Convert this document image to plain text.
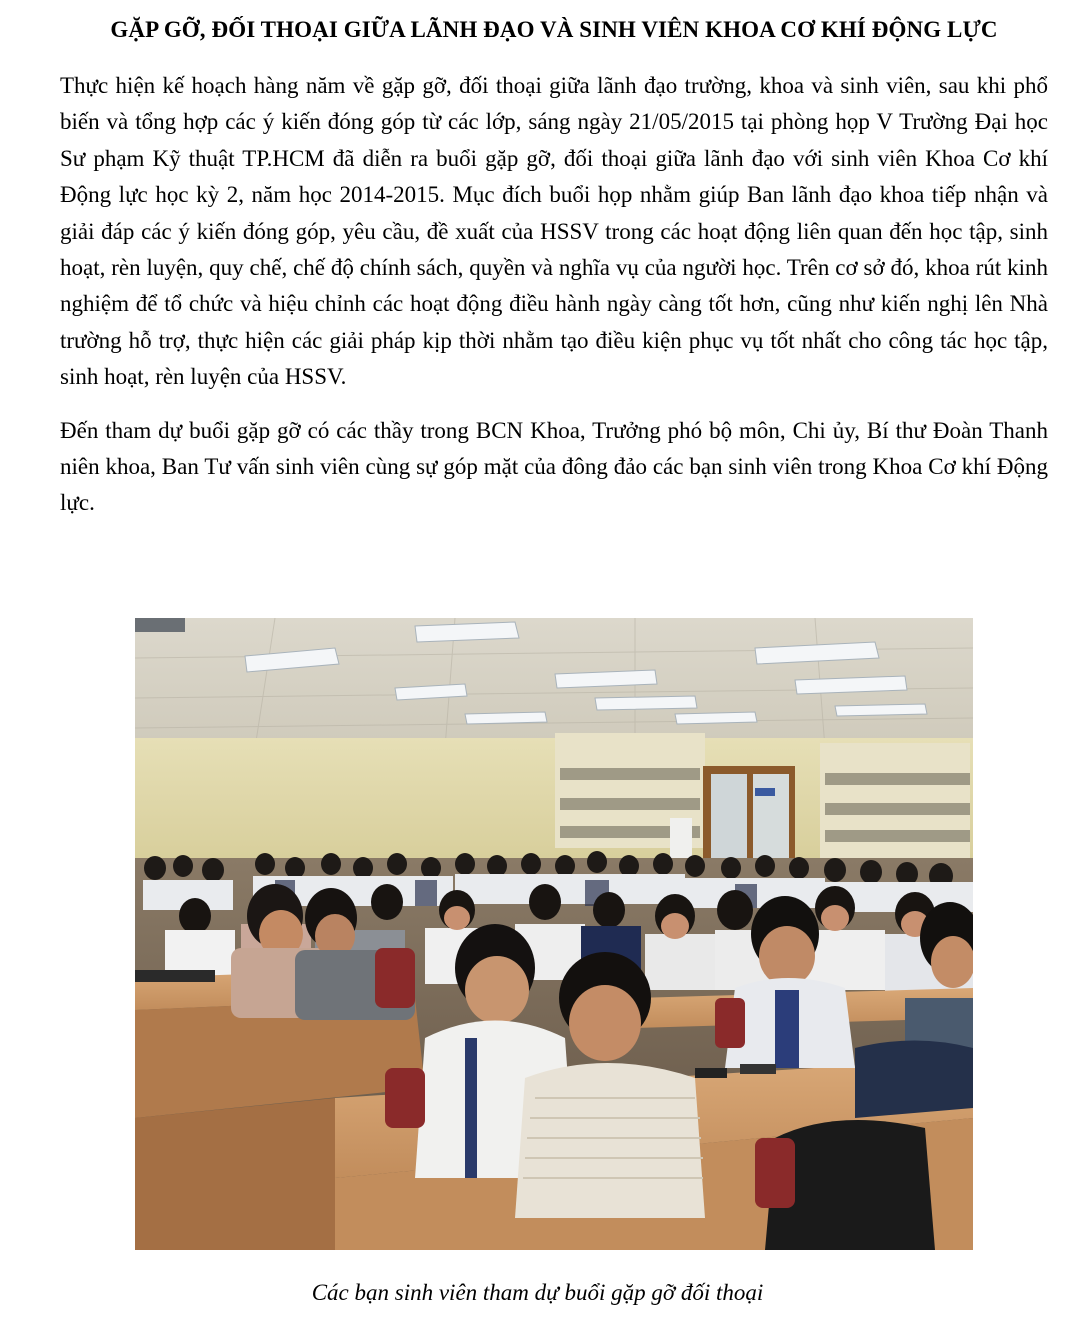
GẶP GỠ, ĐỐI THOẠI GIỮA LÃNH ĐẠO VÀ SINH VIÊN KHOA CƠ KHÍ ĐỘNG LỰC

Thực hiện kế hoạch hàng năm về gặp gỡ, đối thoại giữa lãnh đạo trường, khoa và sinh viên, sau khi phổ biến và tổng hợp các ý kiến đóng góp từ các lớp, sáng ngày 21/05/2015 tại phòng họp V Trường Đại học Sư phạm Kỹ thuật TP.HCM đã diễn ra buổi gặp gỡ, đối thoại giữa lãnh đạo với sinh viên Khoa Cơ khí Động lực học kỳ 2, năm học 2014-2015. Mục đích buổi họp nhằm giúp Ban lãnh đạo khoa tiếp nhận và giải đáp các ý kiến đóng góp, yêu cầu, đề xuất của HSSV trong các hoạt động liên quan đến học tập, sinh hoạt, rèn luyện, quy chế, chế độ chính sách, quyền và nghĩa vụ của người học. Trên cơ sở đó, khoa rút kinh nghiệm để tổ chức và hiệu chỉnh các hoạt động điều hành ngày càng tốt hơn, cũng như kiến nghị lên Nhà trường hỗ trợ, thực hiện các giải pháp kịp thời nhằm tạo điều kiện phục vụ tốt nhất cho công tác học tập, sinh hoạt, rèn luyện của HSSV.

Đến tham dự buổi gặp gỡ có các thầy trong BCN Khoa, Trưởng phó bộ môn, Chi ủy, Bí thư Đoàn Thanh niên khoa, Ban Tư vấn sinh viên cùng sự góp mặt của đông đảo các bạn sinh viên trong Khoa Cơ khí Động lực.

Các bạn sinh viên tham dự buổi gặp gỡ đối thoại
